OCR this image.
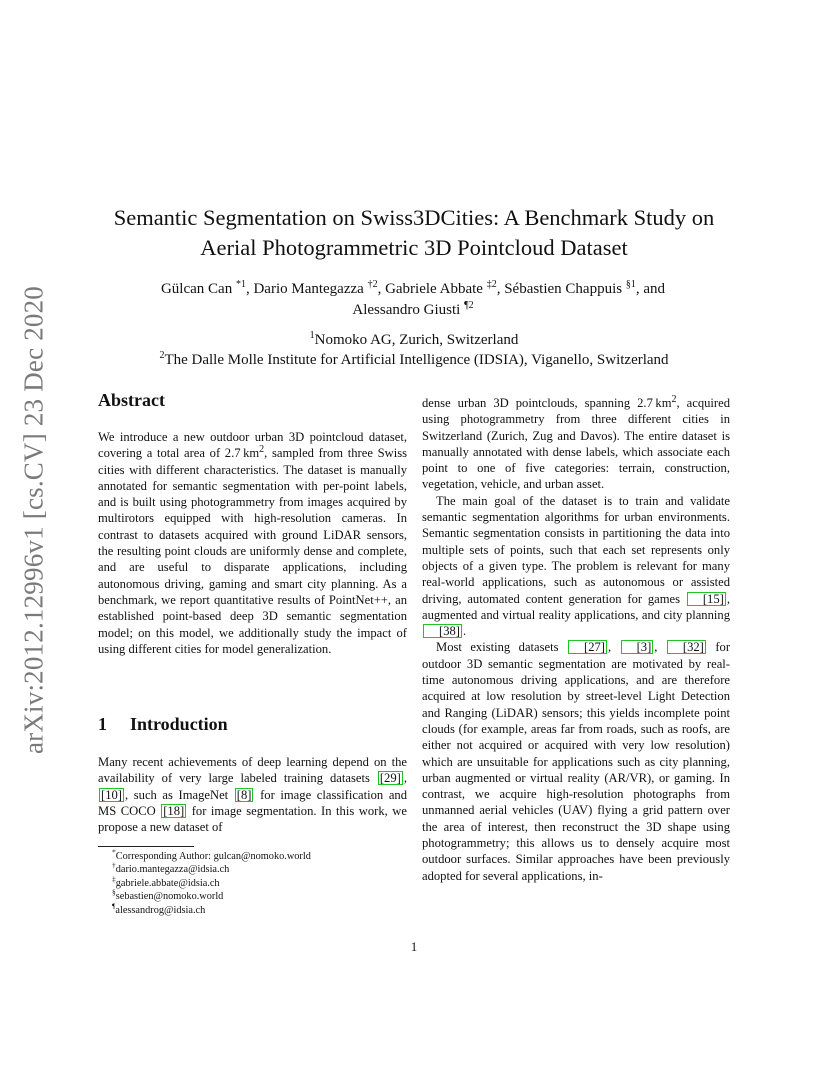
arXiv:2012.12996v1 [cs.CV] 23 Dec 2020
Semantic Segmentation on Swiss3DCities: A Benchmark Study on
Aerial Photogrammetric 3D Pointcloud Dataset
Gülcan Can $^{*1}$, Dario Mantegazza $^{\dagger 2}$, Gabriele Abbate $^{\ddagger 2}$, Sébastien Chappuis $^{\S 1}$, and
Alessandro Giusti $^{\P 2}$
$^1$Nomoko AG, Zurich, Switzerland
$^2$The Dalle Molle Institute for Artificial Intelligence (IDSIA), Viganello, Switzerland
Abstract

We introduce a new outdoor urban 3D pointcloud dataset, covering a total area of 2.7 $km^2$, sampled from three Swiss cities with different characteristics. The dataset is manually annotated for semantic segmentation with per-point labels, and is built using photogrammetry from images acquired by multirotors equipped with high-resolution cameras. In contrast to datasets acquired with ground LiDAR sensors, the resulting point clouds are uniformly dense and complete, and are useful to disparate applications, including autonomous driving, gaming and smart city planning. As a benchmark, we report quantitative results of PointNet++, an established point-based deep 3D semantic segmentation model; on this model, we additionally study the impact of using different cities for model generalization.

1 Introduction

Many recent achievements of deep learning depend on the availability of very large labeled training datasets [29] , [10] , such as ImageNet [8] for image classification and MS COCO [18] for image segmentation. In this work, we propose a new dataset of

*Corresponding Author: gulcan@nomoko.world
†dario.mantegazza@idsia.ch
‡gabriele.abbate@idsia.ch
§sebastien@nomoko.world
¶alessandrog@idsia.ch

dense urban 3D pointclouds, spanning 2.7 $km^2$, acquired using photogrammetry from three different cities in Switzerland (Zurich, Zug and Davos). The entire dataset is manually annotated with dense labels, which associate each point to one of five categories: terrain, construction, vegetation, vehicle, and urban asset.

The main goal of the dataset is to train and validate semantic segmentation algorithms for urban environments. Semantic segmentation consists in partitioning the data into multiple sets of points, such that each set represents only objects of a given type. The problem is relevant for many real-world applications, such as autonomous or assisted driving, automated content generation for games [15] , augmented and virtual reality applications, and city planning [38] .

Most existing datasets [27] , [3] , [32] for outdoor 3D semantic segmentation are motivated by real-time autonomous driving applications, and are therefore acquired at low resolution by street-level Light Detection and Ranging (LiDAR) sensors; this yields incomplete point clouds (for example, areas far from roads, such as roofs, are either not acquired or acquired with very low resolution) which are unsuitable for applications such as city planning, urban augmented or virtual reality (AR/VR), or gaming. In contrast, we acquire high-resolution photographs from unmanned aerial vehicles (UAV) flying a grid pattern over the area of interest, then reconstruct the 3D shape using photogrammetry; this allows us to densely acquire most outdoor surfaces. Similar approaches have been previously adopted for several applications, in-

1
